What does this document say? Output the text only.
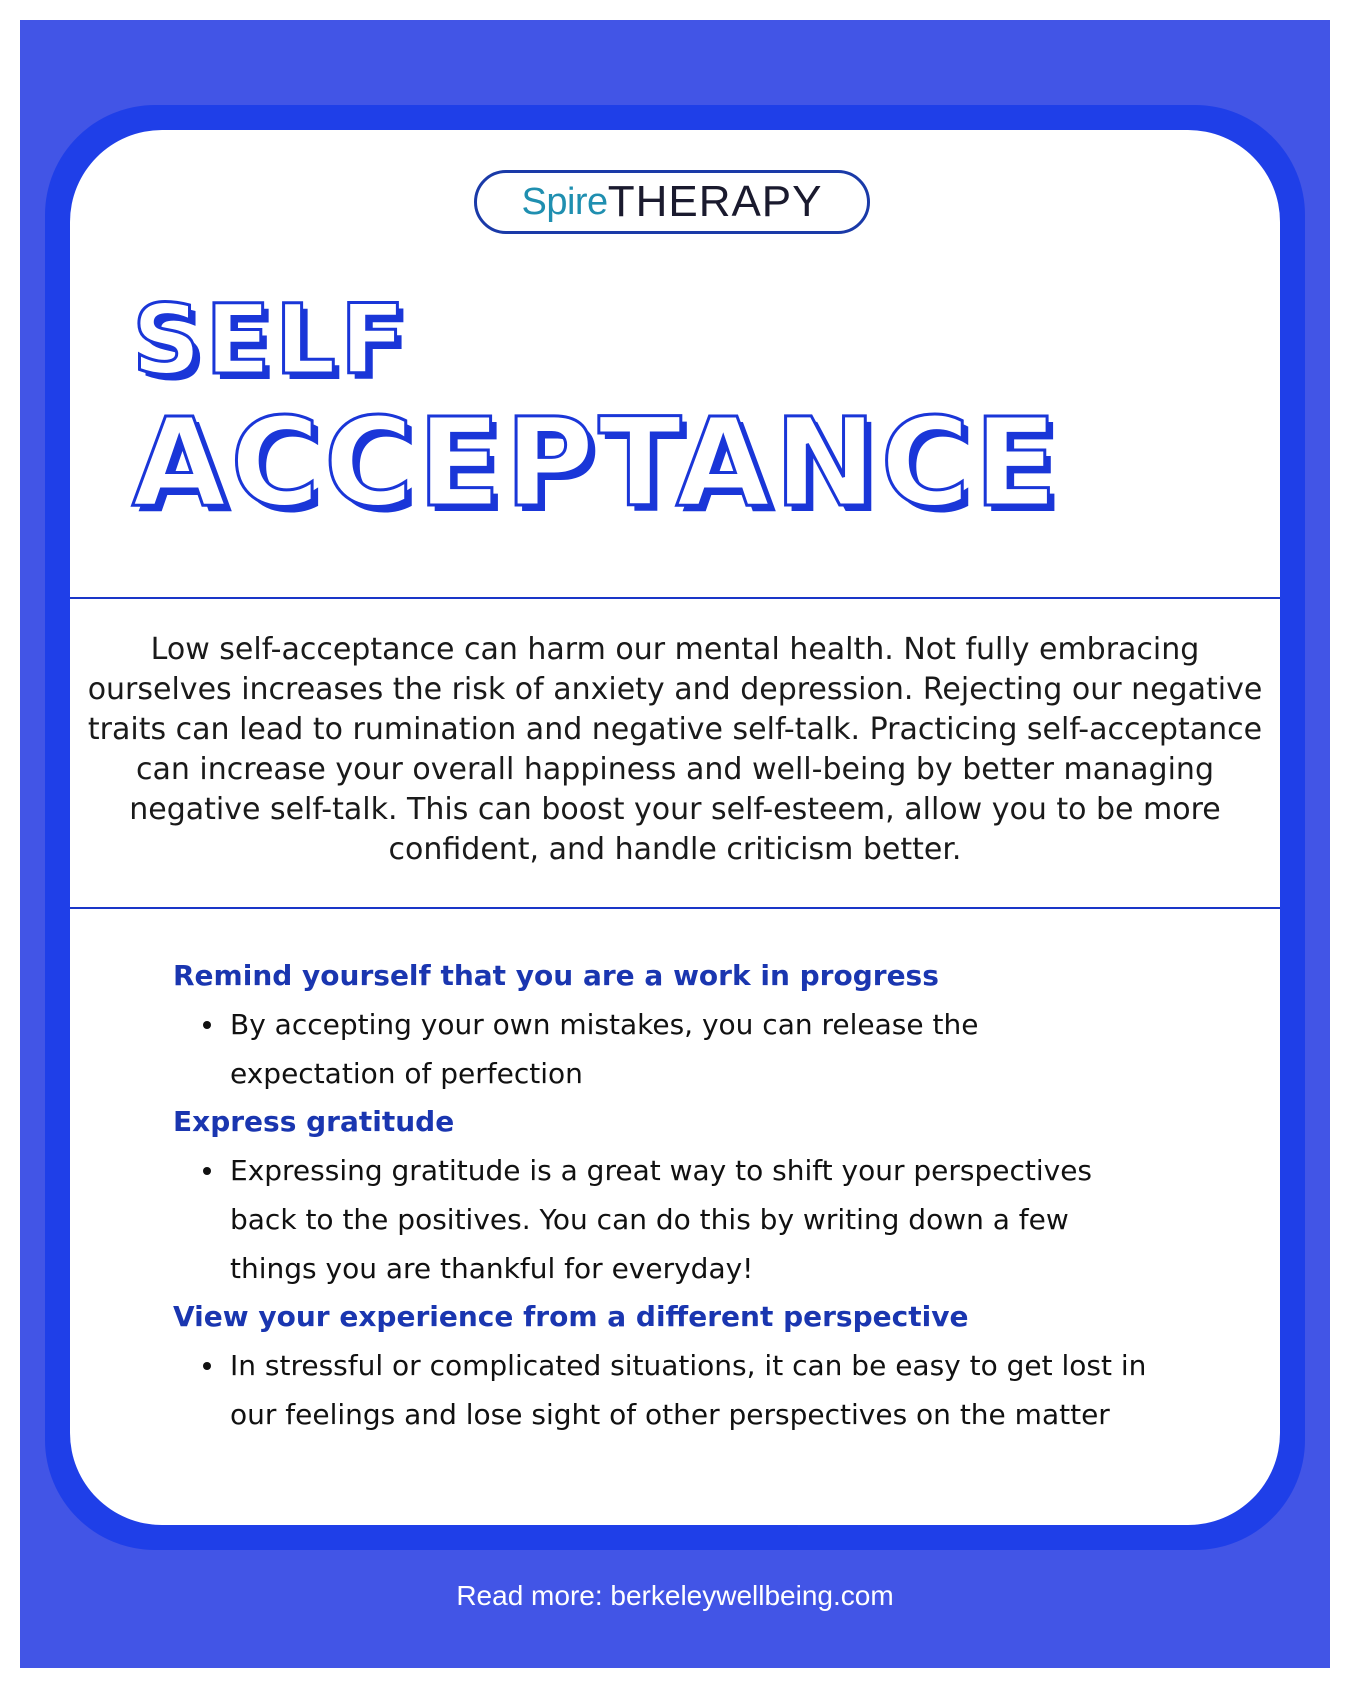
Spire THERAPY
SELF
ACCEPTANCE

Low self-acceptance can harm our mental health. Not fully embracing ourselves increases the risk of anxiety and depression. Rejecting our negative traits can lead to rumination and negative self-talk. Practicing self-acceptance can increase your overall happiness and well-being by better managing negative self-talk. This can boost your self-esteem, allow you to be more confident, and handle criticism better.

Remind yourself that you are a work in progress
By accepting your own mistakes, you can release the expectation of perfection
Express gratitude
Expressing gratitude is a great way to shift your perspectives back to the positives. You can do this by writing down a few things you are thankful for everyday!
View your experience from a different perspective
In stressful or complicated situations, it can be easy to get lost in our feelings and lose sight of other perspectives on the matter
Read more: berkeleywellbeing.com
